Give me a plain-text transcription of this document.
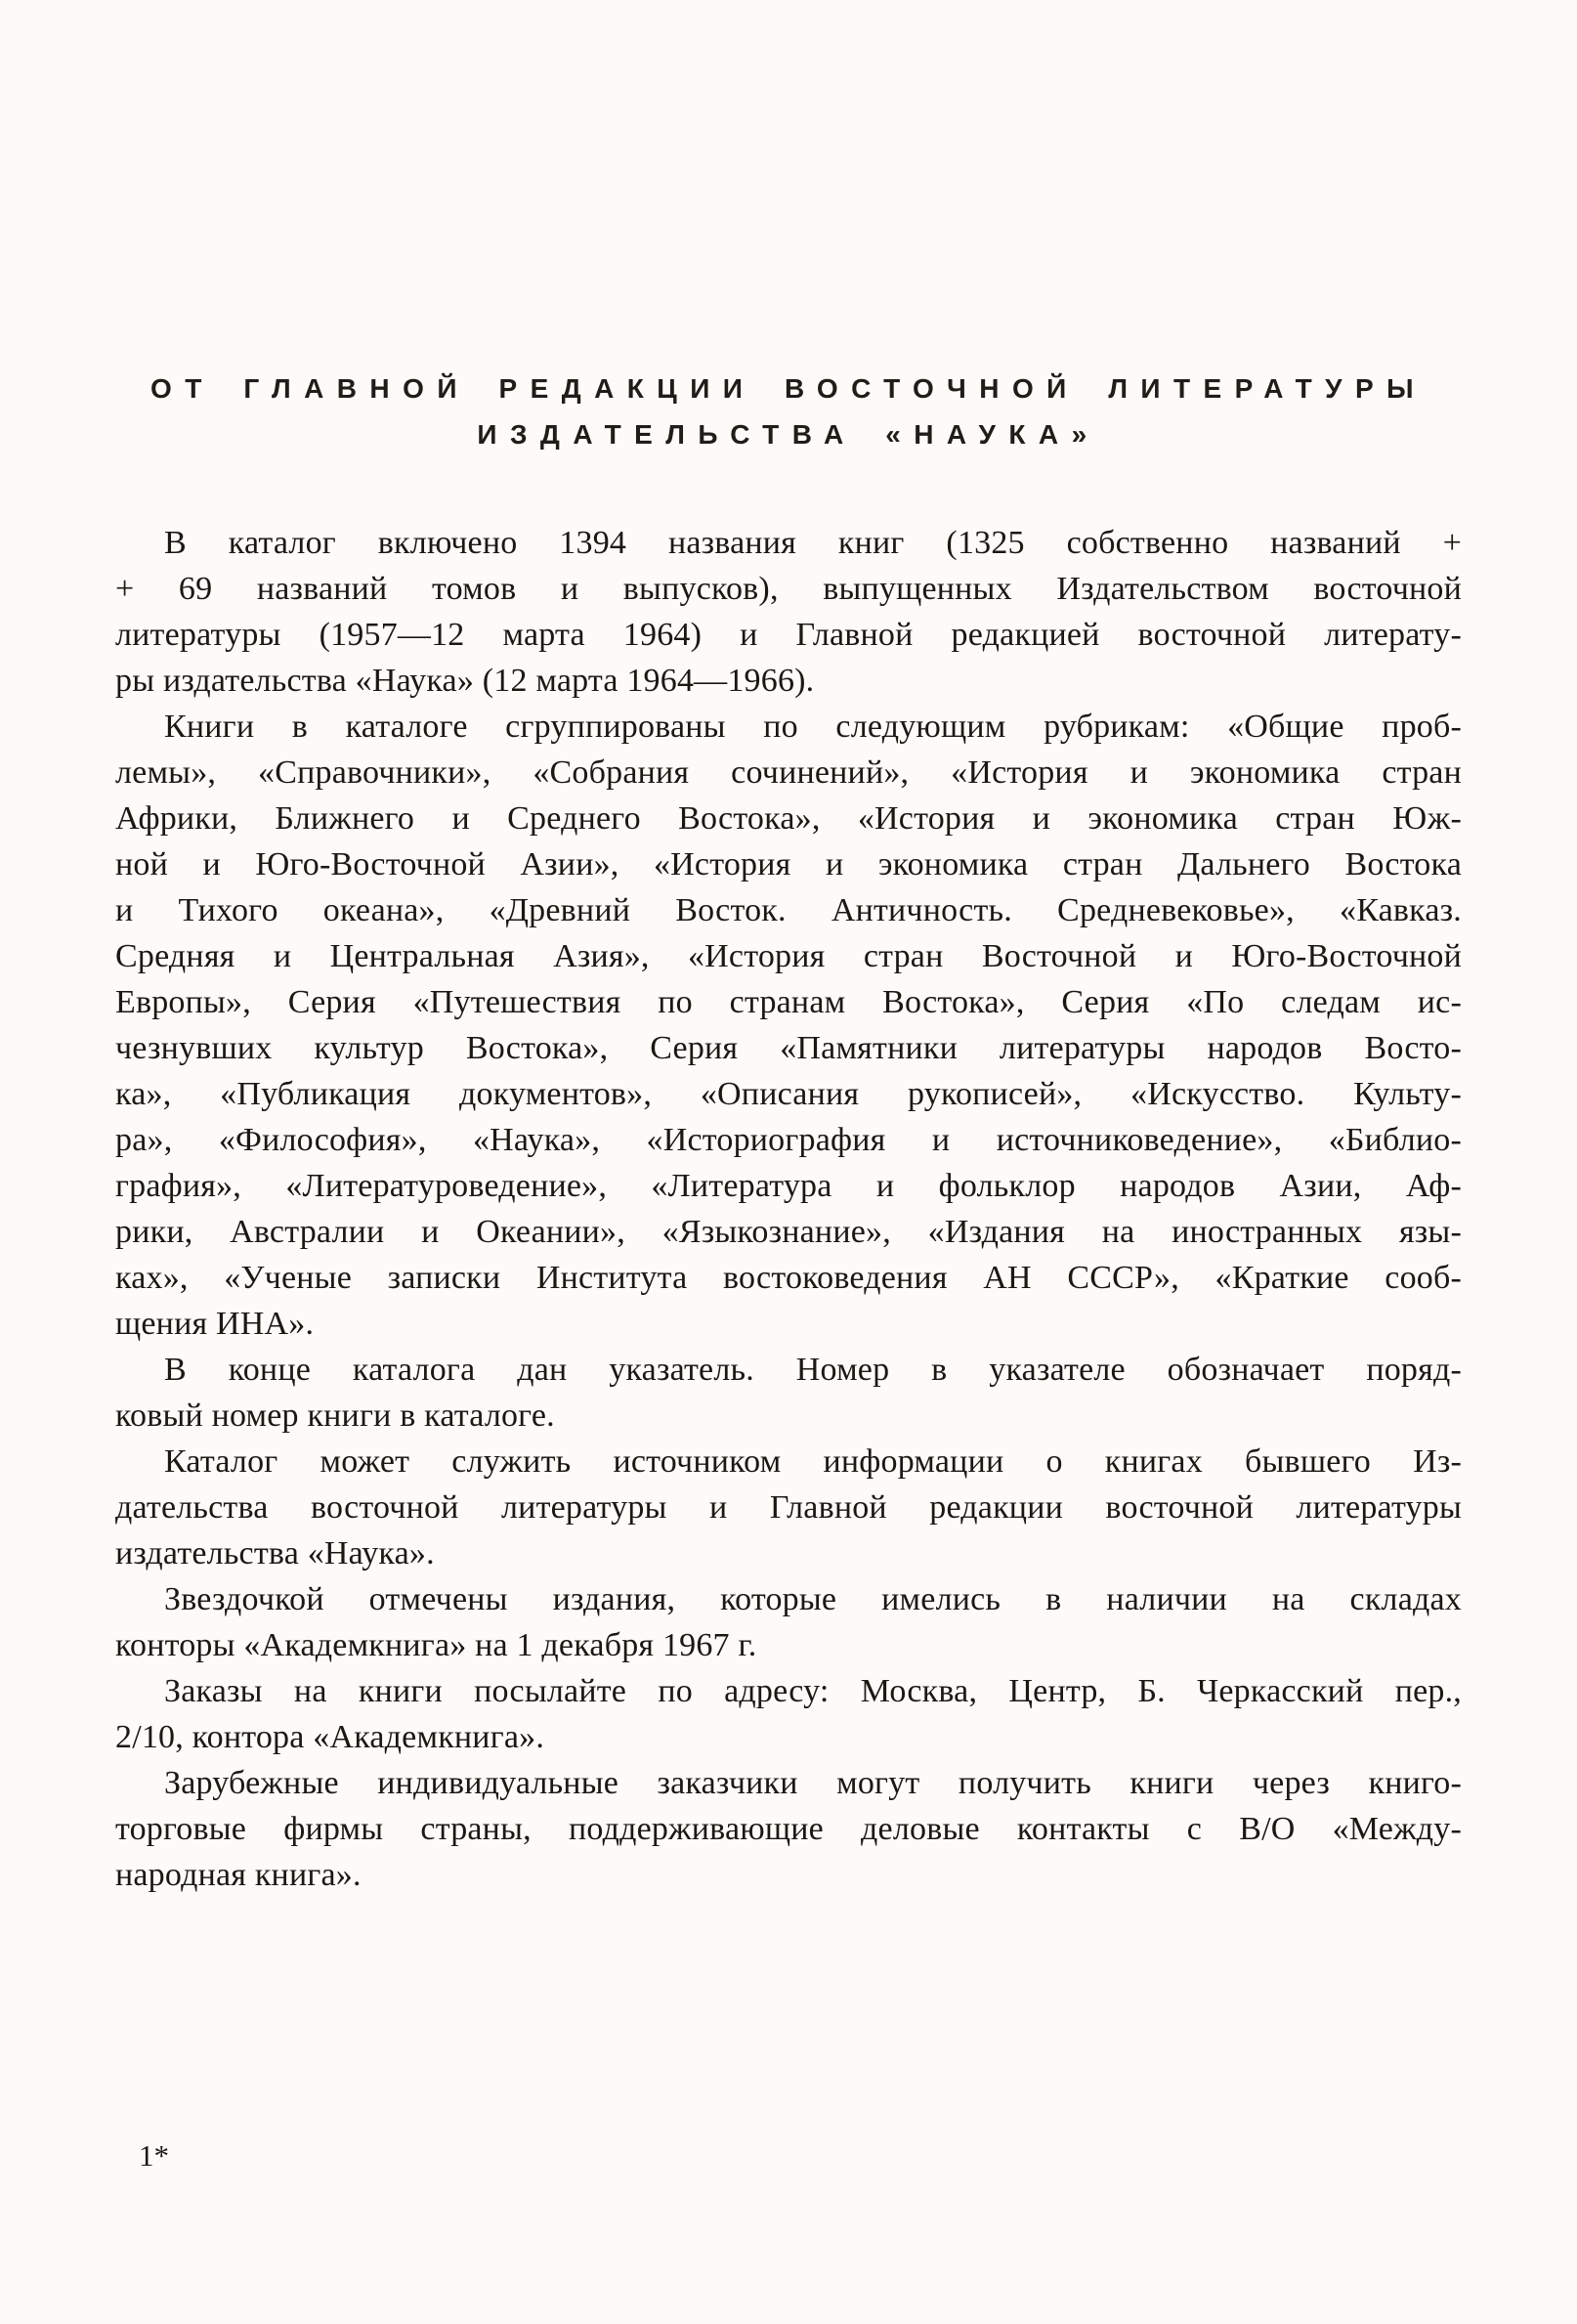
ОТ ГЛАВНОЙ РЕДАКЦИИ ВОСТОЧНОЙ ЛИТЕРАТУРЫ
ИЗДАТЕЛЬСТВА «НАУКА»

В каталог включено 1394 названия книг (1325 собственно названий +
+ 69 названий томов и выпусков), выпущенных Издательством восточной
литературы (1957—12 марта 1964) и Главной редакцией восточной литерату-
ры издательства «Наука» (12 марта 1964—1966).

Книги в каталоге сгруппированы по следующим рубрикам: «Общие проб-
лемы», «Справочники», «Собрания сочинений», «История и экономика стран
Африки, Ближнего и Среднего Востока», «История и экономика стран Юж-
ной и Юго-Восточной Азии», «История и экономика стран Дальнего Востока
и Тихого океана», «Древний Восток. Античность. Средневековье», «Кавказ.
Средняя и Центральная Азия», «История стран Восточной и Юго-Восточной
Европы», Серия «Путешествия по странам Востока», Серия «По следам ис-
чезнувших культур Востока», Серия «Памятники литературы народов Восто-
ка», «Публикация документов», «Описания рукописей», «Искусство. Культу-
ра», «Философия», «Наука», «Историография и источниковедение», «Библио-
графия», «Литературоведение», «Литература и фольклор народов Азии, Аф-
рики, Австралии и Океании», «Языкознание», «Издания на иностранных язы-
ках», «Ученые записки Института востоковедения АН СССР», «Краткие сооб-
щения ИНА».

В конце каталога дан указатель. Номер в указателе обозначает поряд-
ковый номер книги в каталоге.

Каталог может служить источником информации о книгах бывшего Из-
дательства восточной литературы и Главной редакции восточной литературы
издательства «Наука».

Звездочкой отмечены издания, которые имелись в наличии на складах
конторы «Академкнига» на 1 декабря 1967 г.

Заказы на книги посылайте по адресу: Москва, Центр, Б. Черкасский пер.,
2/10, контора «Академкнига».

Зарубежные индивидуальные заказчики могут получить книги через книго-
торговые фирмы страны, поддерживающие деловые контакты с В/О «Между-
народная книга».

1*
